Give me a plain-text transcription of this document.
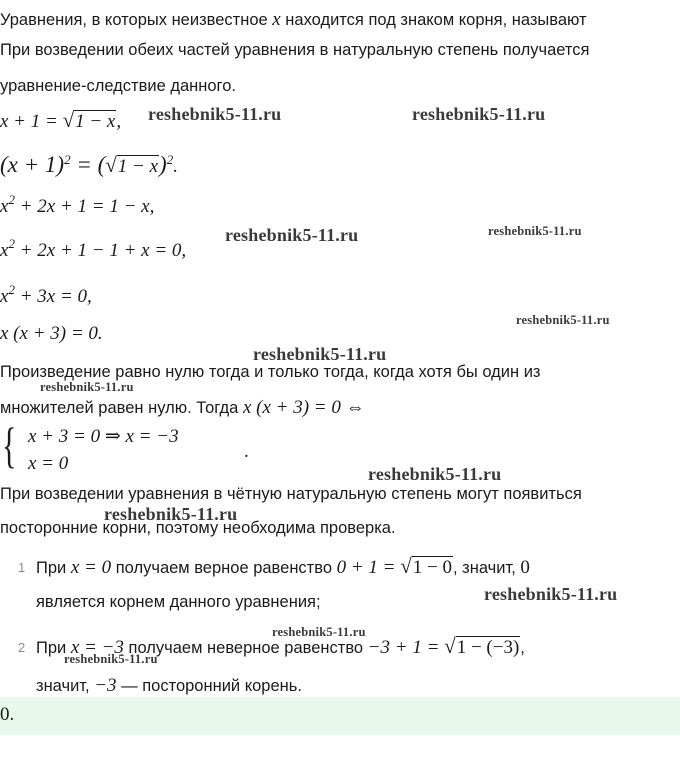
Уравнения, в которых неизвестное x находится под знаком корня, называют
При возведении обеих частей уравнения в натуральную степень получается
уравнение-следствие данного.
x + 1 = √1 − x,
$(x + 1)^2 = (√1 - x)^2$.
$x^2 + 2x + 1 = 1 - x$,
$x^2 + 2x + 1 - 1 + x = 0$,
$x^2 + 3x = 0$,
x (x + 3) = 0.
Произведение равно нулю тогда и только тогда, когда хотя бы один из
множителей равен нулю. Тогда x (x + 3) = 0 ⇔
{ x + 3 = 0 ⇒ x = −3
x = 0
.
При возведении уравнения в чётную натуральную степень могут появиться
посторонние корни, поэтому необходима проверка.
1 При x = 0 получаем верное равенство 0 + 1 = √1 − 0, значит, 0
является корнем данного уравнения;
2 При x = −3 получаем неверное равенство −3 + 1 = √1 − (−3),
значит, −3 — посторонний корень.
0.
reshebnik5-11.ru	reshebnik5-11.ru
reshebnik5-11.ru	reshebnik5-11.ru
reshebnik5-11.ru
reshebnik5-11.ru
reshebnik5-11.ru
reshebnik5-11.ru
reshebnik5-11.ru
reshebnik5-11.ru
reshebnik5-11.ru
reshebnik5-11.ru
